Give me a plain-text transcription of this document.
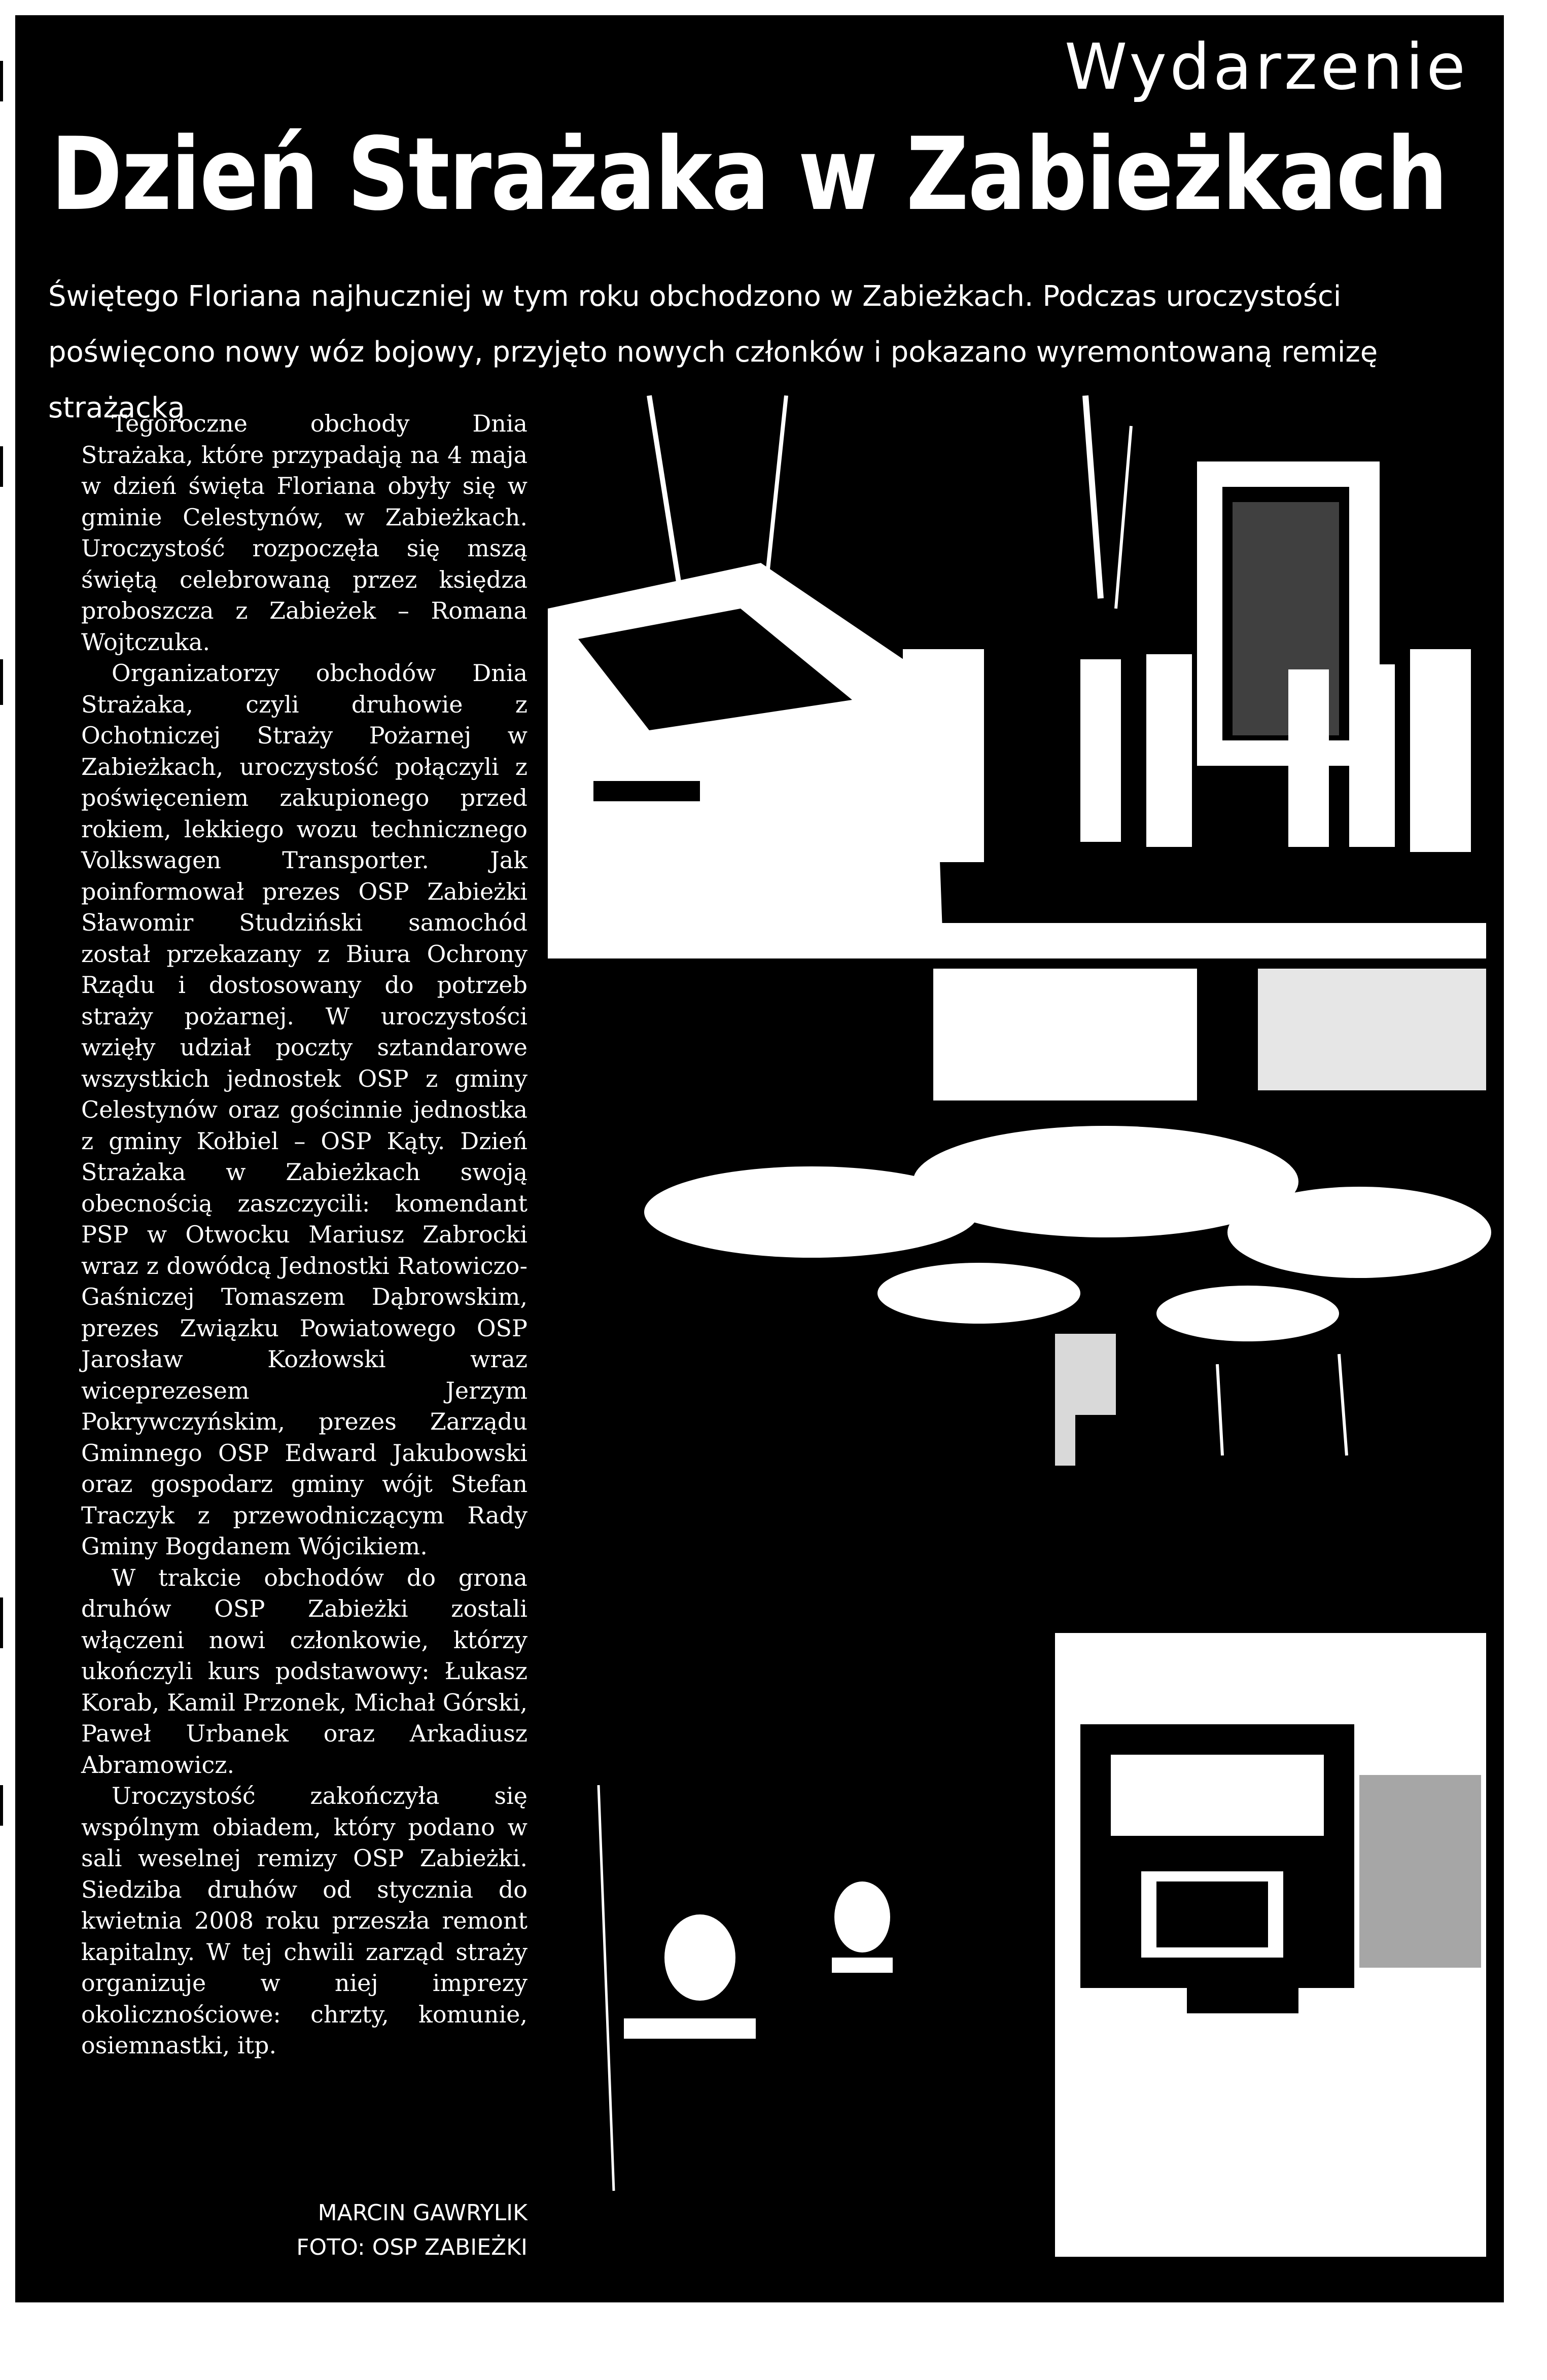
Wydarzenie
Dzień Strażaka w Zabieżkach
Świętego Floriana najhuczniej w tym roku obchodzono w Zabieżkach. Podczas uroczystości poświęcono nowy wóz bojowy, przyjęto nowych członków i pokazano wyremontowaną remizę strażacką

Tegoroczne obchody Dnia Strażaka, które przypadają na 4 maja w dzień święta Floriana obyły się w gminie Celestynów, w Zabieżkach. Uroczystość rozpoczęła się mszą świętą celebrowaną przez księdza proboszcza z Zabieżek – Romana Wojtczuka.

Organizatorzy obchodów Dnia Strażaka, czyli druhowie z Ochotniczej Straży Pożarnej w Zabieżkach, uroczystość połączyli z poświęceniem zakupionego przed rokiem, lekkiego wozu technicznego Volkswagen Transporter. Jak poinformował prezes OSP Zabieżki Sławomir Studziński samochód został przekazany z Biura Ochrony Rządu i dostosowany do potrzeb straży pożarnej. W uroczystości wzięły udział poczty sztandarowe wszystkich jednostek OSP z gminy Celestynów oraz gościnnie jednostka z gminy Kołbiel – OSP Kąty. Dzień Strażaka w Zabieżkach swoją obecnością zaszczycili: komendant PSP w Otwocku Mariusz Zabrocki wraz z dowódcą Jednostki Ratowiczo-Gaśniczej Tomaszem Dąbrowskim, prezes Związku Powiatowego OSP Jarosław Kozłowski wraz wiceprezesem Jerzym Pokrywczyńskim, prezes Zarządu Gminnego OSP Edward Jakubowski oraz gospodarz gminy wójt Stefan Traczyk z przewodniczącym Rady Gminy Bogdanem Wójcikiem.

W trakcie obchodów do grona druhów OSP Zabieżki zostali włączeni nowi członkowie, którzy ukończyli kurs podstawowy: Łukasz Korab, Kamil Przonek, Michał Górski, Paweł Urbanek oraz Arkadiusz Abramowicz.

Uroczystość zakończyła się wspólnym obiadem, który podano w sali weselnej remizy OSP Zabieżki. Siedziba druhów od stycznia do kwietnia 2008 roku przeszła remont kapitalny. W tej chwili zarząd straży organizuje w niej imprezy okolicznościowe: chrzty, komunie, osiemnastki, itp.

MARCIN GAWRYLIK
FOTO: OSP ZABIEŻKI
Celestynka maj / czerwiec 2008 25
